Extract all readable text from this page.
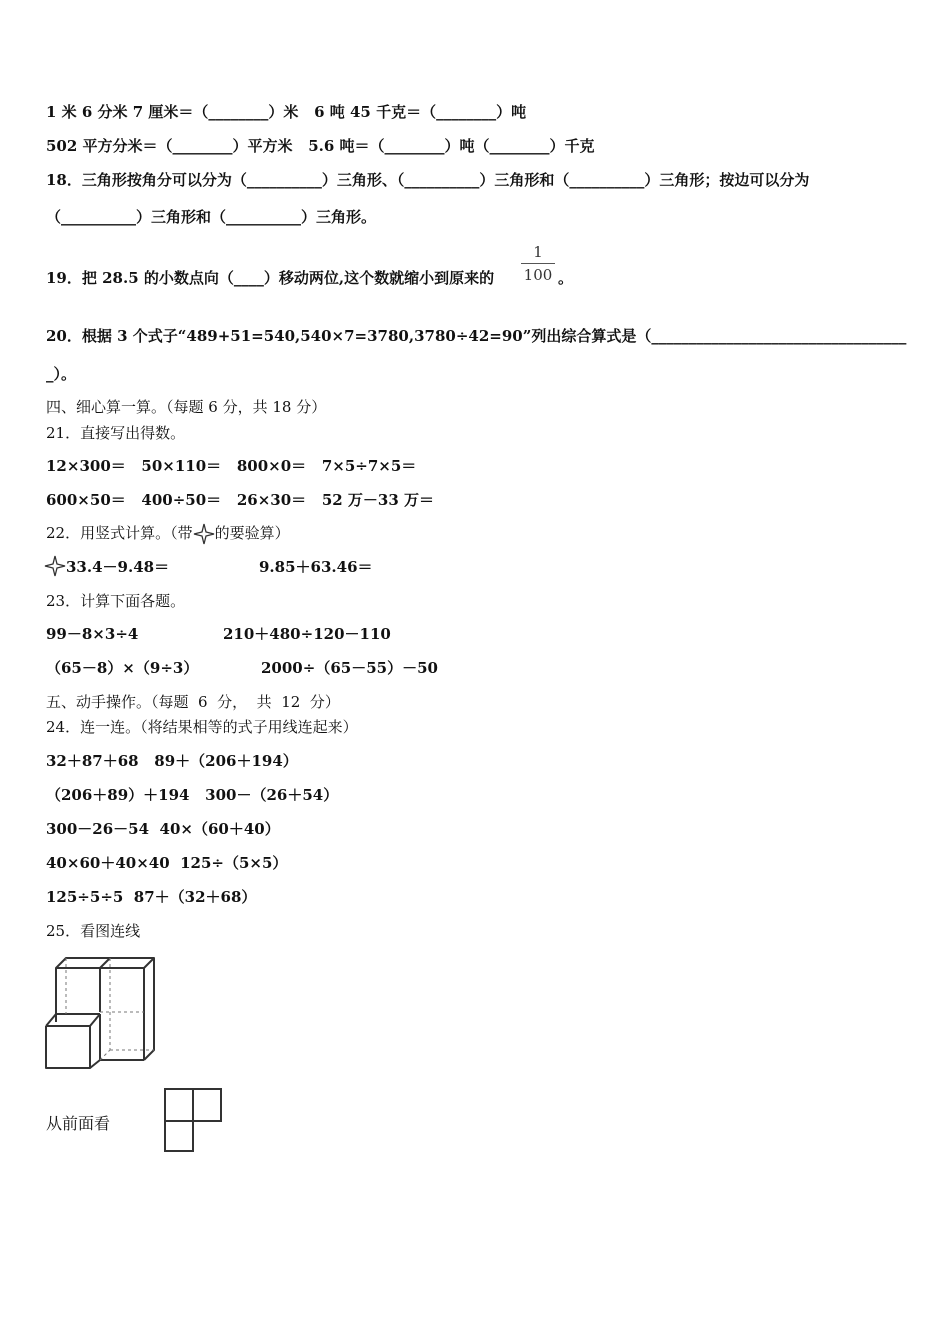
1 米 6 分米 7 厘米＝（________）米   6 吨 45 千克＝（________）吨
502 平方分米＝（________）平方米   5.6 吨＝（________）吨（________）千克
18．三角形按角分可以分为（__________）三角形、（__________）三角形和（__________）三角形；按边可以分为
（__________）三角形和（__________）三角形。
19．把 28.5 的小数点向（____）移动两位,这个数就缩小到原来的
1
100 。
20．根据 3 个式子“489+51=540,540×7=3780,3780÷42=90”列出综合算式是（__________________________________
_）。
四、细心算一算。（每题 6 分，共 18 分）
21．直接写出得数。
12×300＝   50×110＝   800×0＝   7×5÷7×5＝
600×50＝   400÷50＝   26×30＝   52 万－33 万＝
22．用竖式计算。（带 的要验算）
33.4－9.48＝	9.85＋63.46＝
23．计算下面各题。
99－8×3÷4	210＋480÷120－110
（65－8）×（9÷3）	2000÷（65－55）－50
五、动手操作。（每题  6  分，  共  12  分）
24．连一连。（将结果相等的式子用线连起来）
32＋87＋68   89＋（206＋194）
（206＋89）＋194   300－（26＋54）
300－26－54  40×（60＋40）
40×60＋40×40  125÷（5×5）
125÷5÷5  87＋（32＋68）
25．看图连线
从前面看
